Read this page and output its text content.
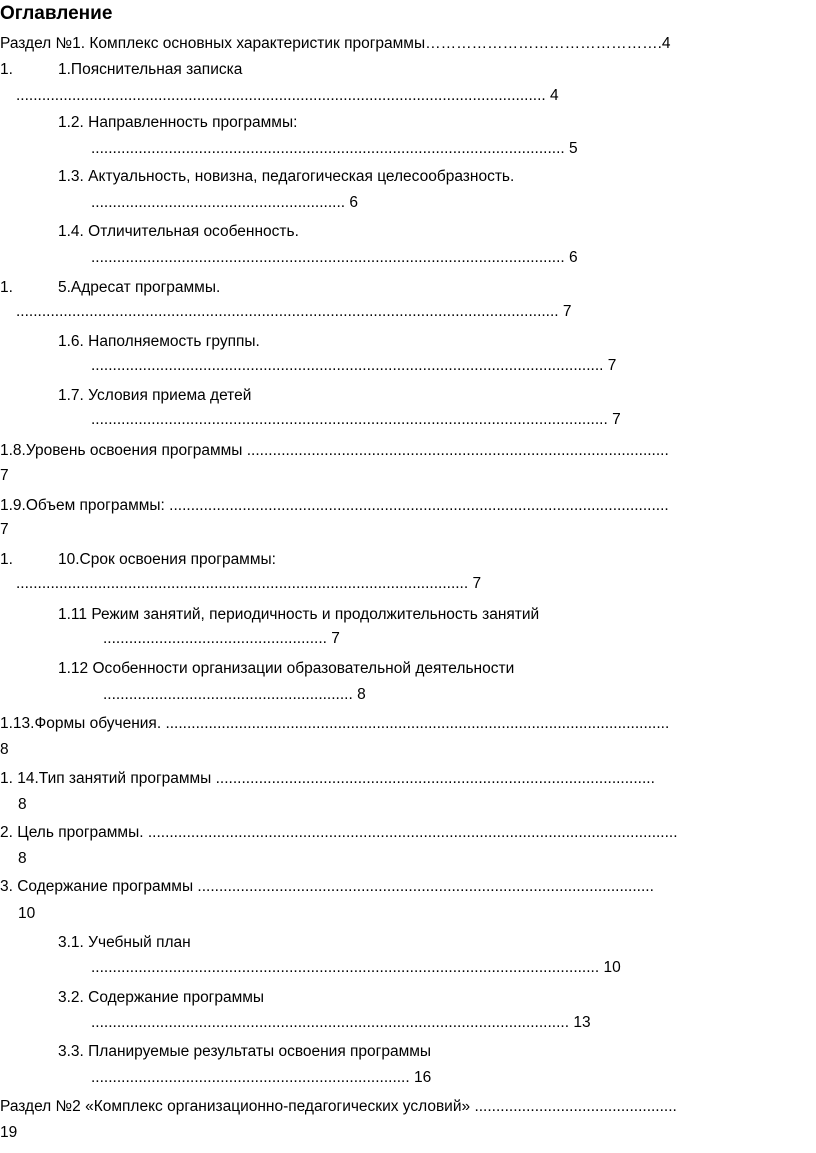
Оглавление
Раздел №1. Комплекс основных характеристик программы……………………………………….4
1.	1.Пояснительная записка
........................................................................................................................... 4
1.2. Направленность программы:
.............................................................................................................. 5
1.3. Актуальность, новизна, педагогическая целесообразность.
........................................................... 6
1.4. Отличительная особенность.
.............................................................................................................. 6
1.	5.Адресат программы.
.............................................................................................................................. 7
1.6. Наполняемость группы.
....................................................................................................................... 7
1.7. Условия приема детей
........................................................................................................................ 7
1.8.Уровень освоения программы ..................................................................................................
7
1.9.Объем программы: ....................................................................................................................
7
1.	10.Срок освоения программы:
......................................................................................................... 7
1.11 Режим занятий, периодичность и продолжительность занятий
.................................................... 7
1.12 Особенности организации образовательной деятельности
.......................................................... 8
1.13.Формы обучения. .....................................................................................................................
8
1. 14.Тип занятий программы ......................................................................................................
8
2. Цель программы. ...........................................................................................................................
8
3. Содержание программы ..........................................................................................................
10
3.1. Учебный план
...................................................................................................................... 10
3.2. Содержание программы
............................................................................................................... 13
3.3. Планируемые результаты освоения программы
.......................................................................... 16
Раздел №2 «Комплекс организационно-педагогических условий» ...............................................
19
